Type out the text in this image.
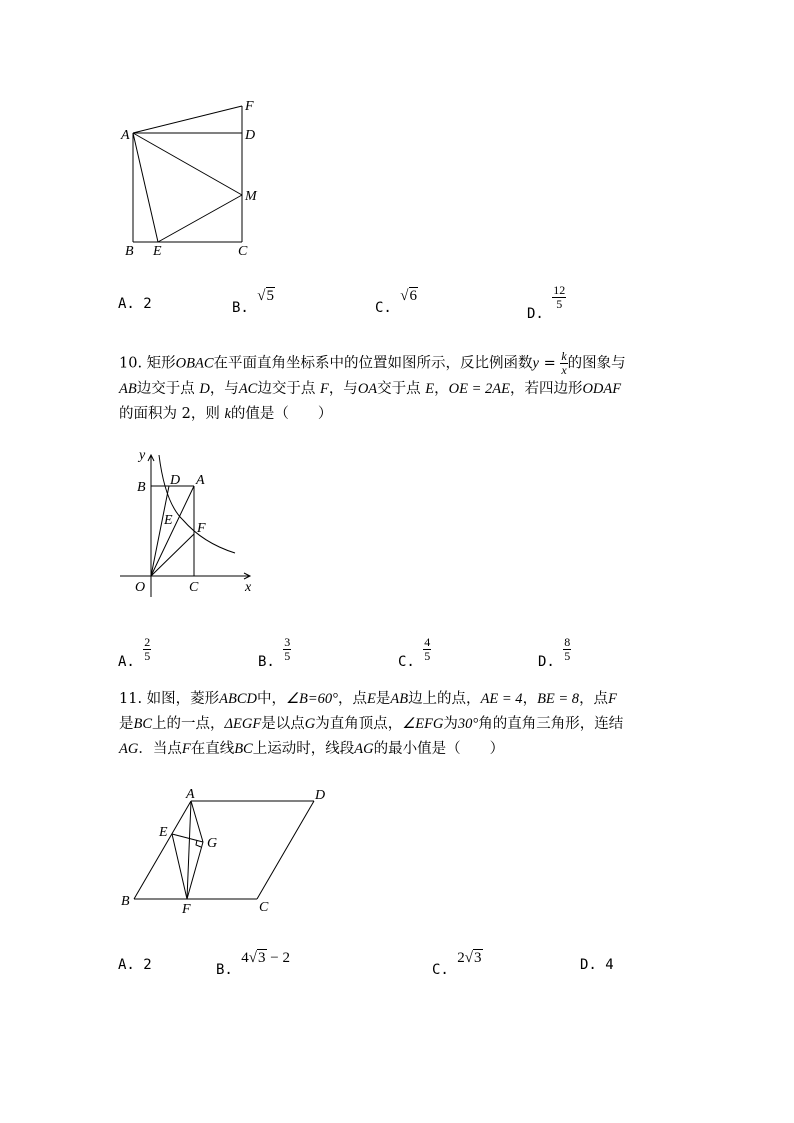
F
A	D
M
B E	C
A. 2	B. √5
C. √6
D.
$\frac{12}{5}$
10. 矩形OBAC在平面直角坐标系中的位置如图所示，反比例函数$y = \frac{k}{x}$ 的图象与
AB边交于点 D，与AC边交于点 F，与OA交于点 E，OE = 2AE，若四边形ODAF
的面积为 2，则 k的值是（　　）
y
B D A
E
F
O	C	x
A. $\frac{2}{5}$	B. $\frac{3}{5}$	C. $\frac{4}{5}$	D. $\frac{8}{5}$
11. 如图，菱形ABCD中，∠B=60°，点E是AB边上的点，AE = 4，BE = 8，点F
是BC上的一点，ΔEGF是以点G为直角顶点，∠EFG为30°角的直角三角形，连结
AG．当点F在直线BC上运动时，线段AG的最小值是（　　）
A	D
E
G
B
F	C
A. 2	B. 4√3 − 2
C. 2√3	D. 4
